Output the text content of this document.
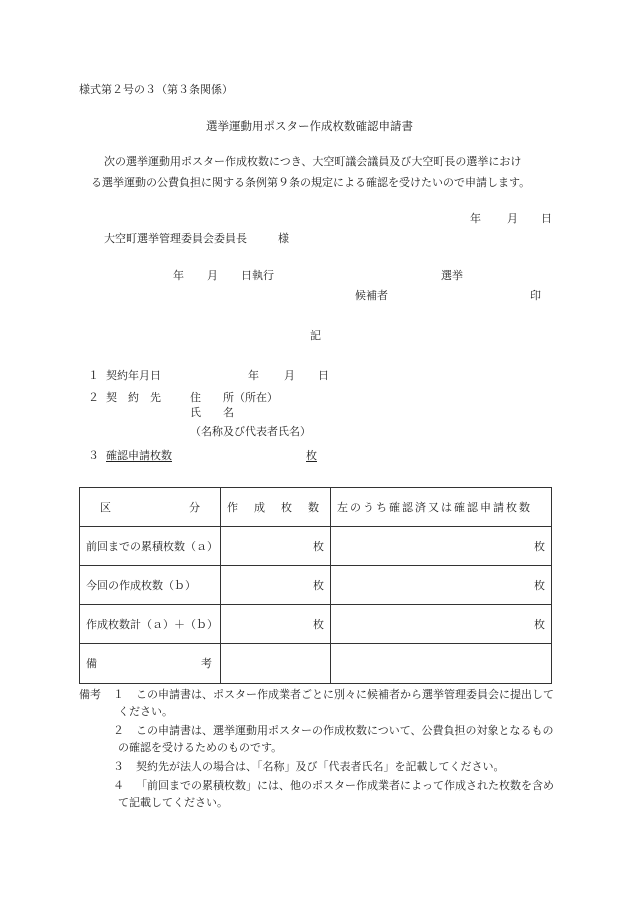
様式第２号の３（第３条関係）
選挙運動用ポスター作成枚数確認申請書
次の選挙運動用ポスター作成枚数につき、大空町議会議員及び大空町長の選挙におけ
る選挙運動の公費負担に関する条例第９条の規定による確認を受けたいので申請します。
年 月 日
大空町選挙管理委員会委員長	様
年 月 日執行	選挙
候補者	印
記
１ 契約年月日	年 月 日
２ 契　約　先	住　　所（所在）
氏　　名
（名称及び代表者氏名）
３ 確認申請枚数	枚
区 分	作成枚数	左のうち確認済又は確認申請枚数

前回までの累積枚数（ａ）	枚	枚
今回の作成枚数（ｂ）	枚	枚
作成枚数計（ａ）＋（ｂ）	枚	枚

備 考		

備考 １	この申請書は、ポスター作成業者ごとに別々に候補者から選挙管理委員会に提出してください。
２	この申請書は、選挙運動用ポスターの作成枚数について、公費負担の対象となるものの確認を受けるためのものです。
３	契約先が法人の場合は、「名称」及び「代表者氏名」を記載してください。
４	「前回までの累積枚数」には、他のポスター作成業者によって作成された枚数を含めて記載してください。
